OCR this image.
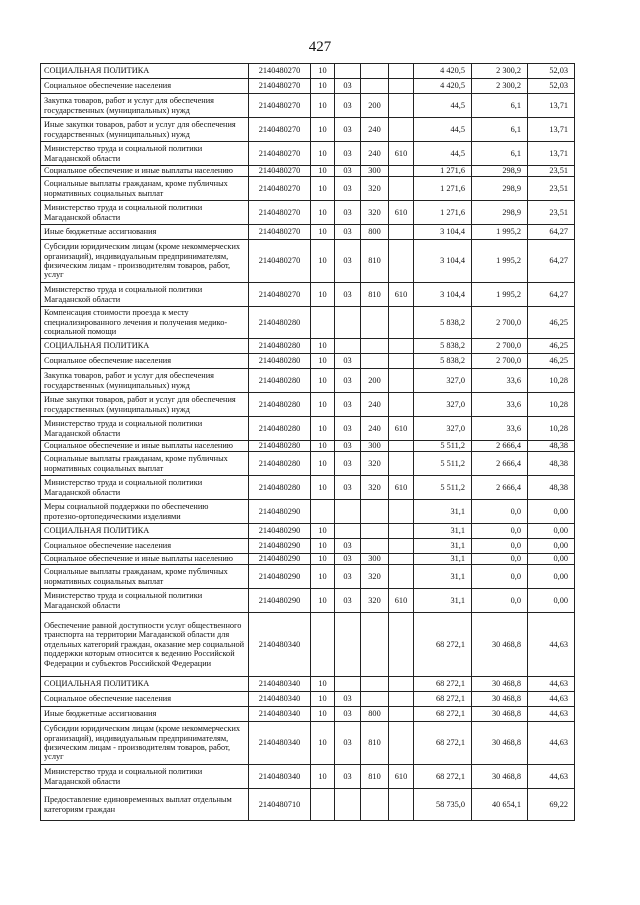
427
СОЦИАЛЬНАЯ ПОЛИТИКА	2140480270	10				4 420,5	2 300,2	52,03
Социальное обеспечение населения	2140480270	10	03			4 420,5	2 300,2	52,03
Закупка товаров, работ и услуг для обеспечения государственных (муниципальных) нужд	2140480270	10	03	200		44,5	6,1	13,71
Иные закупки товаров, работ и услуг для обеспечения государственных (муниципальных) нужд	2140480270	10	03	240		44,5	6,1	13,71
Министерство труда и социальной политики Магаданской области	2140480270	10	03	240	610	44,5	6,1	13,71
Социальное обеспечение и иные выплаты населению	2140480270	10	03	300		1 271,6	298,9	23,51
Социальные выплаты гражданам, кроме публичных нормативных социальных выплат	2140480270	10	03	320		1 271,6	298,9	23,51
Министерство труда и социальной политики Магаданской области	2140480270	10	03	320	610	1 271,6	298,9	23,51
Иные бюджетные ассигнования	2140480270	10	03	800		3 104,4	1 995,2	64,27
Субсидии юридическим лицам (кроме некоммерческих организаций), индивидуальным предпринимателям, физическим лицам - производителям товаров, работ, услуг	2140480270	10	03	810		3 104,4	1 995,2	64,27
Министерство труда и социальной политики Магаданской области	2140480270	10	03	810	610	3 104,4	1 995,2	64,27
Компенсация стоимости проезда к месту специализированного лечения и получения медико-социальной помощи	2140480280					5 838,2	2 700,0	46,25
СОЦИАЛЬНАЯ ПОЛИТИКА	2140480280	10				5 838,2	2 700,0	46,25
Социальное обеспечение населения	2140480280	10	03			5 838,2	2 700,0	46,25
Закупка товаров, работ и услуг для обеспечения государственных (муниципальных) нужд	2140480280	10	03	200		327,0	33,6	10,28
Иные закупки товаров, работ и услуг для обеспечения государственных (муниципальных) нужд	2140480280	10	03	240		327,0	33,6	10,28
Министерство труда и социальной политики Магаданской области	2140480280	10	03	240	610	327,0	33,6	10,28
Социальное обеспечение и иные выплаты населению	2140480280	10	03	300		5 511,2	2 666,4	48,38
Социальные выплаты гражданам, кроме публичных нормативных социальных выплат	2140480280	10	03	320		5 511,2	2 666,4	48,38
Министерство труда и социальной политики Магаданской области	2140480280	10	03	320	610	5 511,2	2 666,4	48,38
Меры социальной поддержки по обеспечению протезно-ортопедическими изделиями	2140480290					31,1	0,0	0,00
СОЦИАЛЬНАЯ ПОЛИТИКА	2140480290	10				31,1	0,0	0,00
Социальное обеспечение населения	2140480290	10	03			31,1	0,0	0,00
Социальное обеспечение и иные выплаты населению	2140480290	10	03	300		31,1	0,0	0,00
Социальные выплаты гражданам, кроме публичных нормативных социальных выплат	2140480290	10	03	320		31,1	0,0	0,00
Министерство труда и социальной политики Магаданской области	2140480290	10	03	320	610	31,1	0,0	0,00
Обеспечение равной доступности услуг общественного транспорта на территории Магаданской области для отдельных категорий граждан, оказание мер социальной поддержки которым относится к ведению Российской Федерации и субъектов Российской Федерации	2140480340					68 272,1	30 468,8	44,63
СОЦИАЛЬНАЯ ПОЛИТИКА	2140480340	10				68 272,1	30 468,8	44,63
Социальное обеспечение населения	2140480340	10	03			68 272,1	30 468,8	44,63
Иные бюджетные ассигнования	2140480340	10	03	800		68 272,1	30 468,8	44,63
Субсидии юридическим лицам (кроме некоммерческих организаций), индивидуальным предпринимателям, физическим лицам - производителям товаров, работ, услуг	2140480340	10	03	810		68 272,1	30 468,8	44,63
Министерство труда и социальной политики Магаданской области	2140480340	10	03	810	610	68 272,1	30 468,8	44,63
Предоставление единовременных выплат отдельным категориям граждан	2140480710					58 735,0	40 654,1	69,22
